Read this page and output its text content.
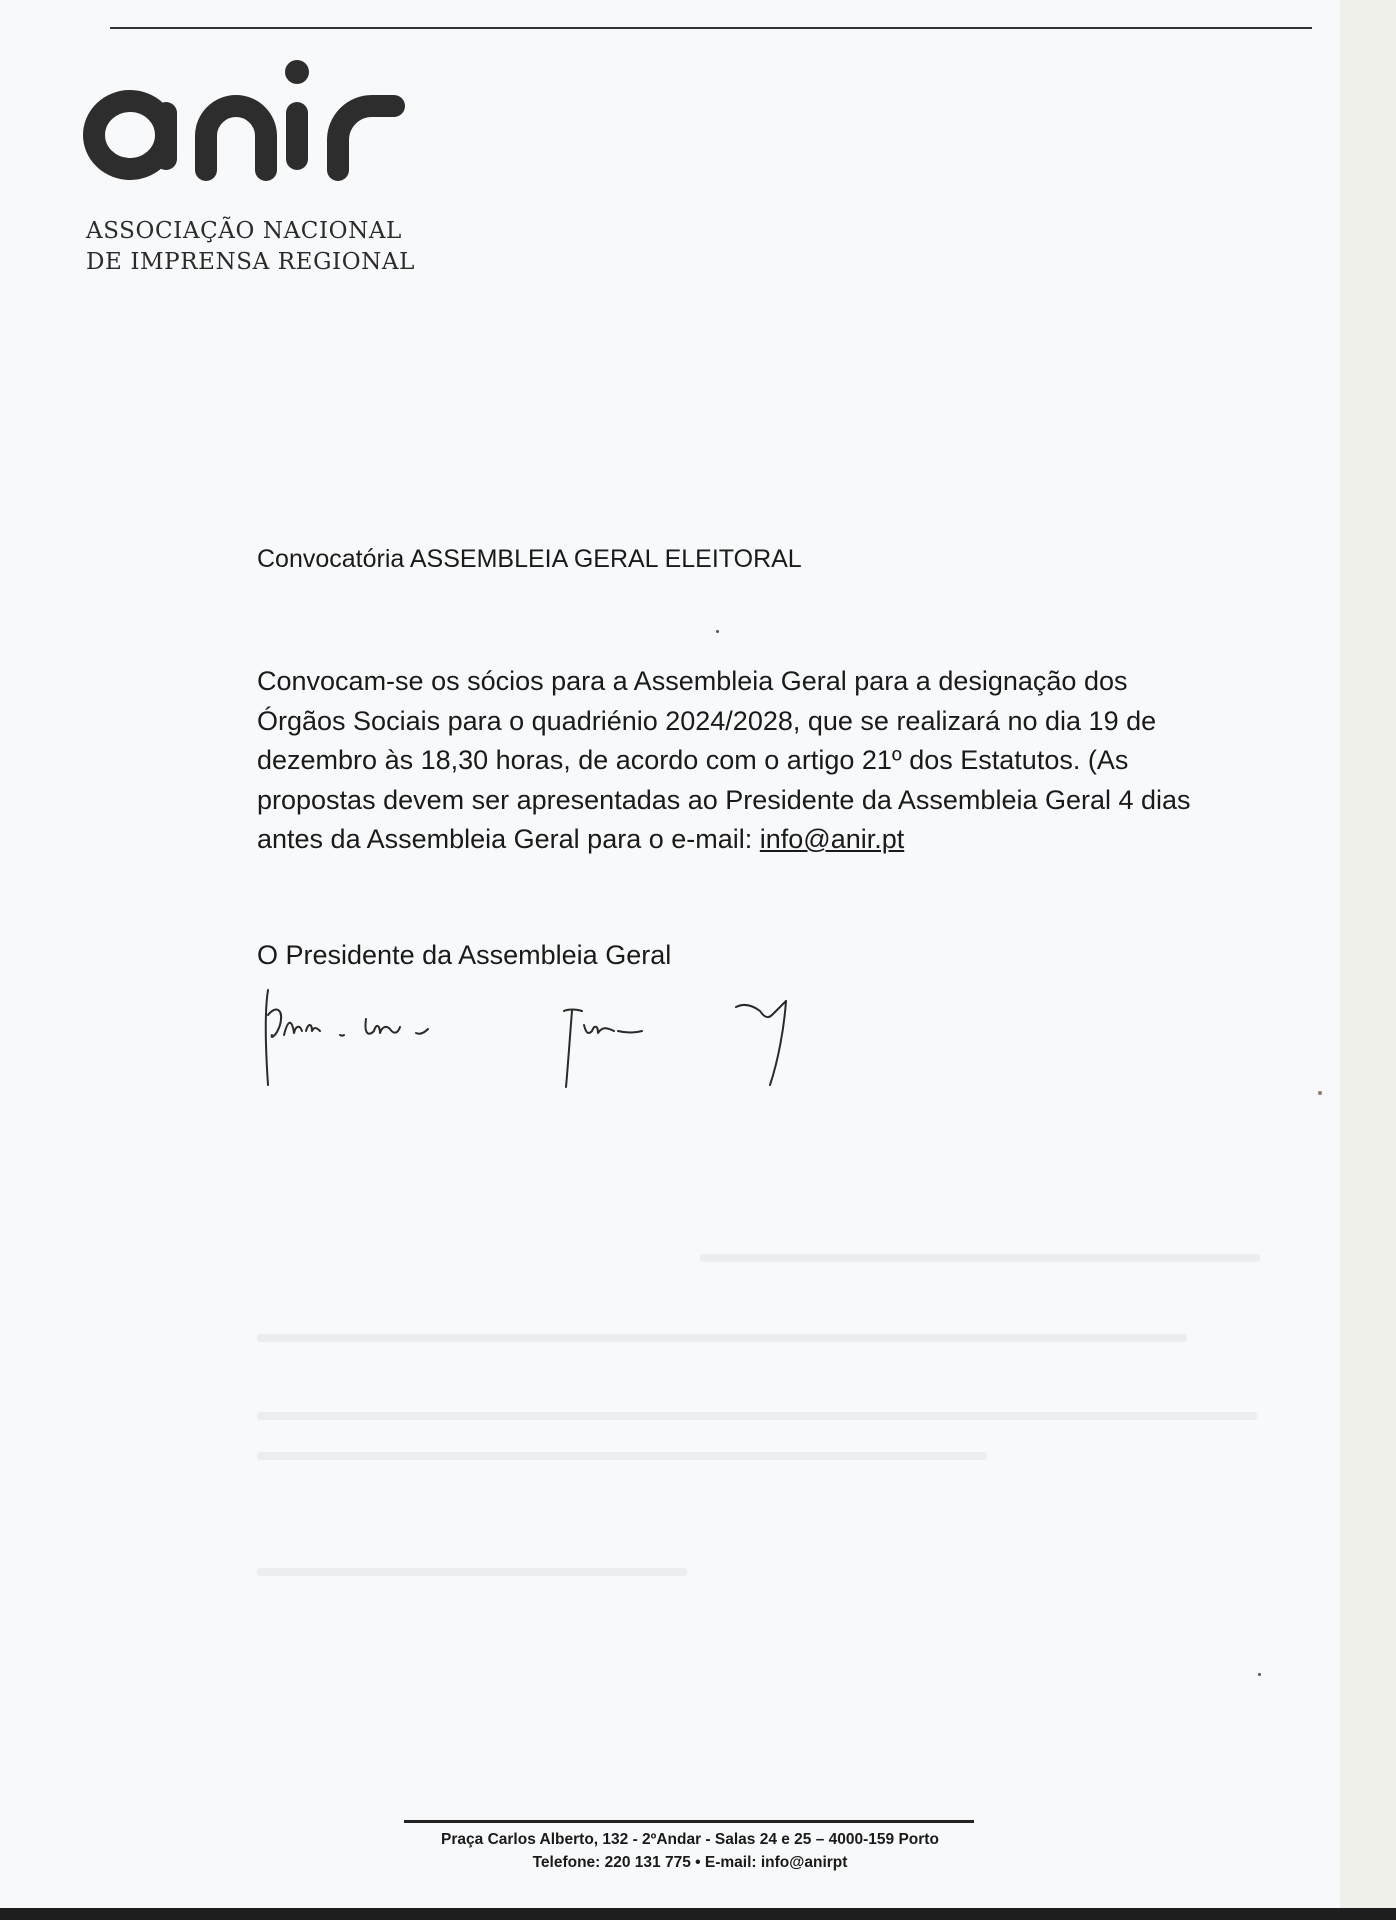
ASSOCIAÇÃO NACIONAL
DE IMPRENSA REGIONAL
Convocatória ASSEMBLEIA GERAL ELEITORAL
Convocam-se os sócios para a Assembleia Geral para a designação dos Órgãos Sociais para o quadriénio 2024/2028, que se realizará no dia 19 de dezembro às 18,30 horas, de acordo com o artigo 21º dos Estatutos. (As propostas devem ser apresentadas ao Presidente da Assembleia Geral 4 dias antes da Assembleia Geral para o e-mail: info@anir.pt
O Presidente da Assembleia Geral
Praça Carlos Alberto, 132 - 2ºAndar - Salas 24 e 25 – 4000-159 Porto
Telefone: 220 131 775 • E-mail: info@anirpt
